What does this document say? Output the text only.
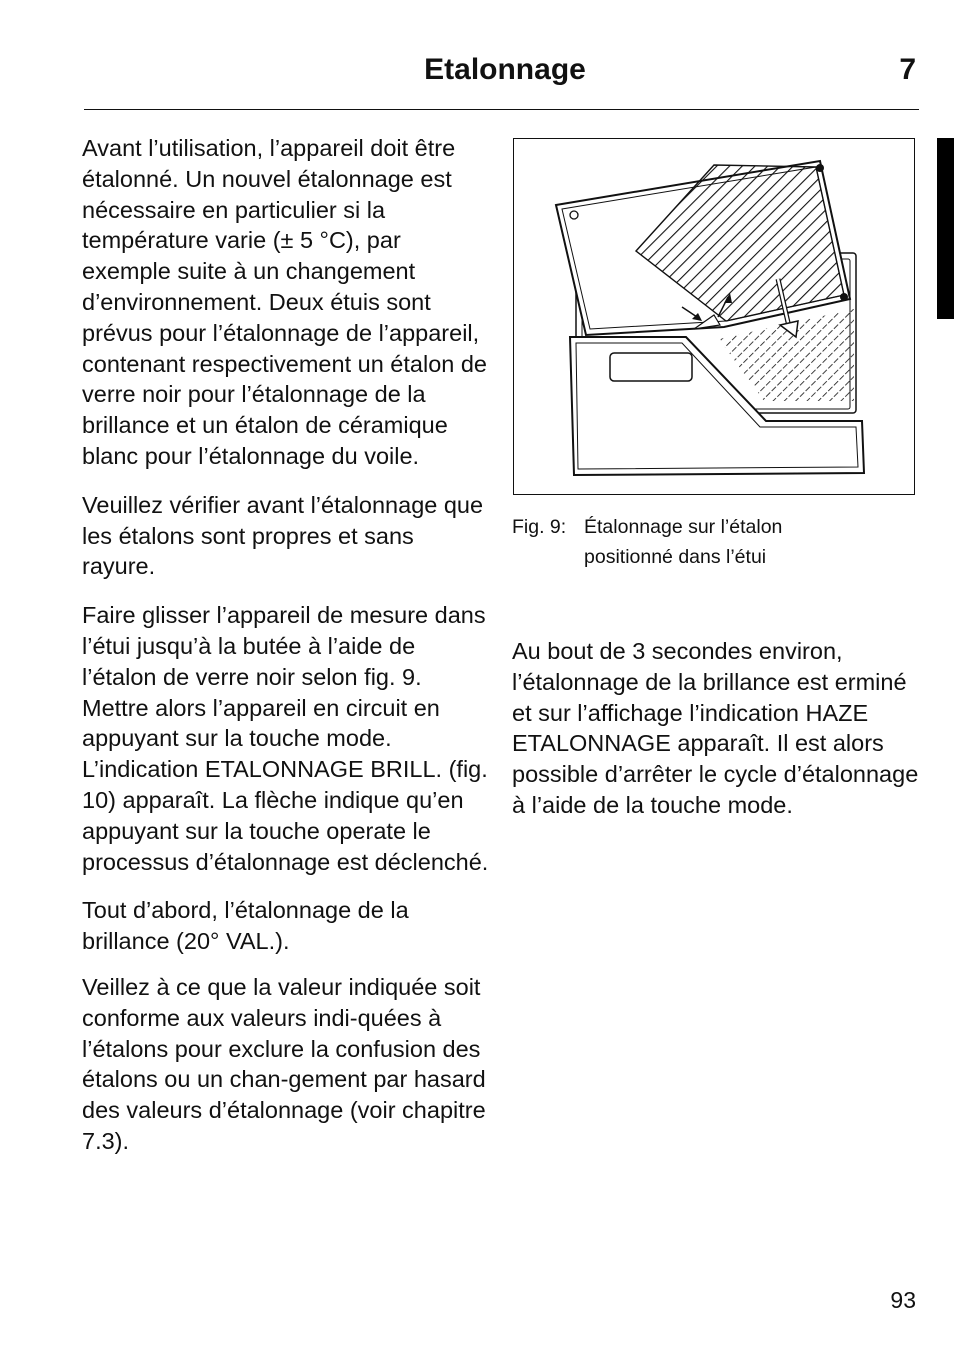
Etalonnage	7

Avant l’utilisation, l’appareil doit être étalonné. Un nouvel étalonnage est nécessaire en particulier si la température varie (± 5 °C), par exemple suite à un changement d’environnement. Deux étuis sont prévus pour l’étalonnage de l’appareil, contenant respectivement un étalon de verre noir pour l’étalonnage de la brillance et un étalon de céramique blanc pour l’étalonnage du voile.

Veuillez vérifier avant l’étalonnage que les étalons sont propres et sans rayure.

Faire glisser l’appareil de mesure dans l’étui jusqu’à la butée à l’aide de l’étalon de verre noir selon fig. 9. Mettre alors l’appareil en circuit en appuyant sur la touche mode. L’indication ETALONNAGE BRILL. (fig. 10) apparaît. La flèche indique qu’en appuyant sur la touche operate le processus d’étalonnage est déclenché.

Tout d’abord, l’étalonnage de la brillance (20° VAL.).

Veillez à ce que la valeur indiquée soit conforme aux valeurs indi-quées à l’étalons pour exclure la confusion des étalons ou un chan-gement par hasard des valeurs d’étalonnage (voir chapitre 7.3).

Fig. 9: Étalonnage sur l’étalon
positionné dans l’étui

Au bout de 3 secondes environ, l’étalonnage de la brillance est erminé et sur l’affichage l’indication HAZE ETALONNAGE apparaît. Il est alors possible d’arrêter le cycle d’étalonnage à l’aide de la touche mode.

93
